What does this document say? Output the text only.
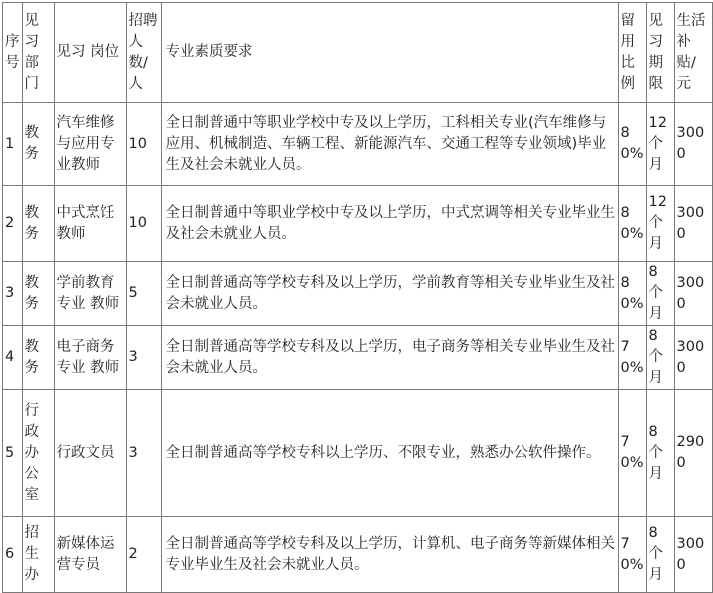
序号	见习部门	见习 岗位	招聘人数/人	专业素质要求	留用比例	见习期限	生活补贴/元
1	教务	汽车维修与应用专业教师	10	全日制普通中等职业学校中专及以上学历，工科相关专业(汽车维修与应用、机械制造、车辆工程、新能源汽车、交通工程等专业领域)毕业生及社会未就业人员。	80%	12个月	3000
2	教务	中式烹饪教师	10	全日制普通中等职业学校中专及以上学历，中式烹调等相关专业毕业生及社会未就业人员。	80%	12个月	3000
3	教务	学前教育专业 教师	5	全日制普通高等学校专科及以上学历，学前教育等相关专业毕业生及社会未就业人员。	80%	8个月	3000
4	教务	电子商务专业 教师	3	全日制普通高等学校专科及以上学历，电子商务等相关专业毕业生及社会未就业人员。	70%	8个月	3000
5	行政办公室	行政文员	3	全日制普通高等学校专科以上学历、不限专业，熟悉办公软件操作。	70%	8个月	2900
6	招生办	新媒体运营专员	2	全日制普通高等学校专科及以上学历，计算机、电子商务等新媒体相关专业毕业生及社会未就业人员。	70%	8个月	3000
